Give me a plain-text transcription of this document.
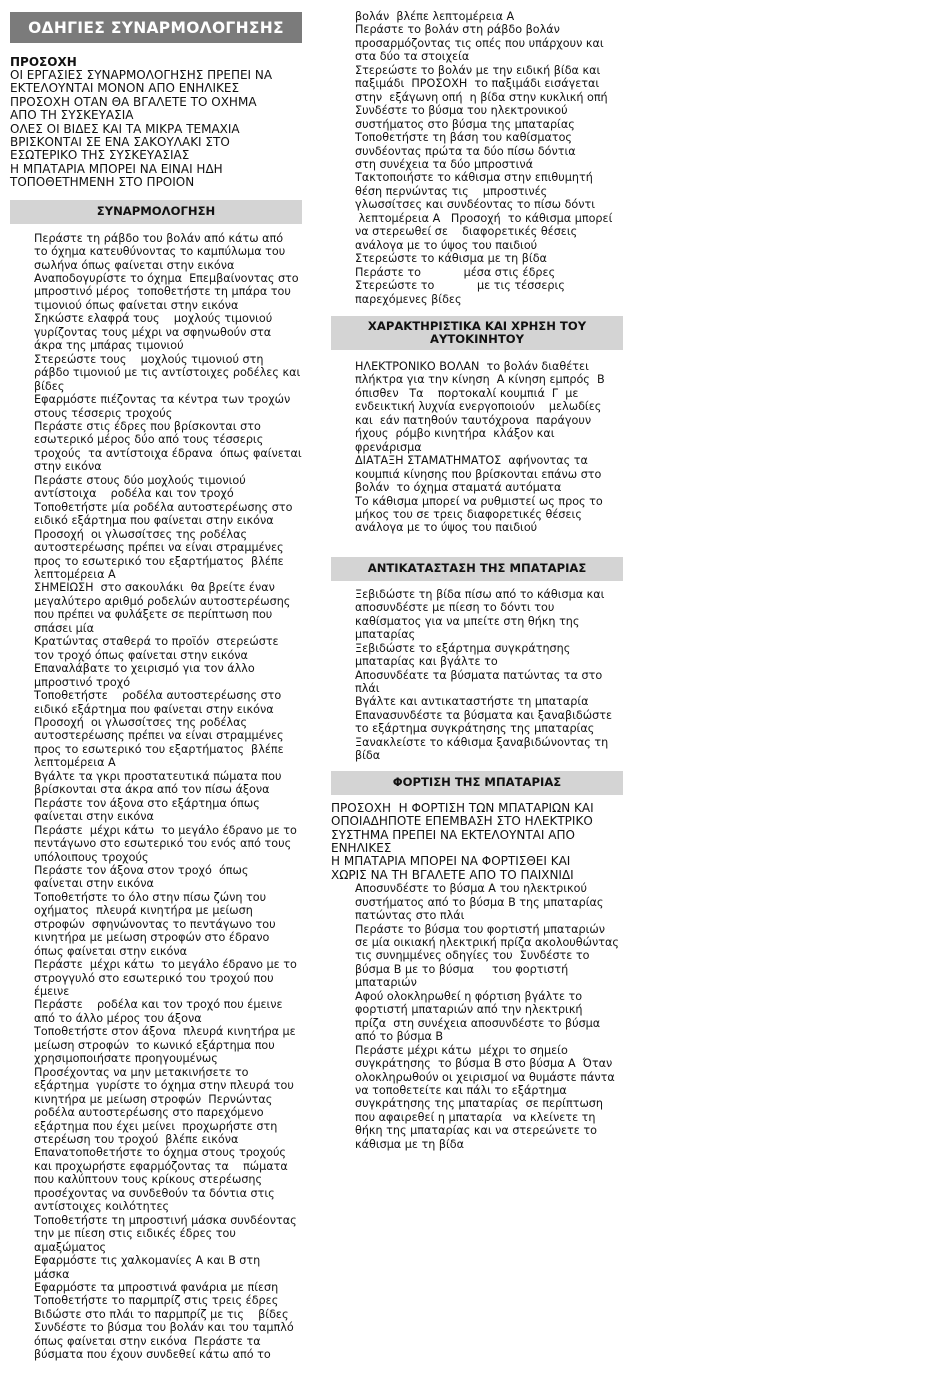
ΟΔΗΓΙΕΣ ΣΥΝΑΡΜΟΛΟΓΗΣΗΣ
ΠΡΟΣΟΧΗ
ΟΙ ΕΡΓΑΣΙΕΣ ΣΥΝΑΡΜΟΛΟΓΗΣΗΣ ΠΡΕΠΕΙ ΝΑ
ΕΚΤΕΛΟΥΝΤΑΙ ΜΟΝΟΝ ΑΠΟ ΕΝΗΛΙΚΕΣ
ΠΡΟΣΟΧΗ ΟΤΑΝ ΘΑ ΒΓΑΛΕΤΕ ΤΟ ΟΧΗΜΑ
ΑΠΟ ΤΗ ΣΥΣΚΕΥΑΣΙΑ
ΟΛΕΣ ΟΙ ΒΙΔΕΣ ΚΑΙ ΤΑ ΜΙΚΡΑ ΤΕΜΑΧΙΑ
ΒΡΙΣΚΟΝΤΑΙ ΣΕ ΕΝΑ ΣΑΚΟΥΛΑΚΙ ΣΤΟ
ΕΣΩΤΕΡΙΚΟ ΤΗΣ ΣΥΣΚΕΥΑΣΙΑΣ
Η ΜΠΑΤΑΡΙΑ ΜΠΟΡΕΙ ΝΑ ΕΙΝΑΙ ΗΔΗ
ΤΟΠΟΘΕΤΗΜΕΝΗ ΣΤΟ ΠΡΟΙΟΝ
ΣΥΝΑΡΜΟΛΟΓΗΣΗ
Περάστε τη ράβδο του βολάν από κάτω από
το όχημα κατευθύνοντας το καμπύλωμα του
σωλήνα όπως φαίνεται στην εικόνα
Αναποδογυρίστε το όχημα  Επεμβαίνοντας στο
μπροστινό μέρος  τοποθετήστε τη μπάρα του
τιμονιού όπως φαίνεται στην εικόνα
Σηκώστε ελαφρά τους    μοχλούς τιμονιού
γυρίζοντας τους μέχρι να σφηνωθούν στα
άκρα της μπάρας τιμονιού
Στερεώστε τους    μοχλούς τιμονιού στη
ράβδο τιμονιού με τις αντίστοιχες ροδέλες και
βίδες
Εφαρμόστε πιέζοντας τα κέντρα των τροχών
στους τέσσερις τροχούς
Περάστε στις έδρες που βρίσκονται στο
εσωτερικό μέρος δύο από τους τέσσερις
τροχούς  τα αντίστοιχα έδρανα  όπως φαίνεται
στην εικόνα
Περάστε στους δύο μοχλούς τιμονιού
αντίστοιχα    ροδέλα και τον τροχό
Τοποθετήστε μία ροδέλα αυτοστερέωσης στο
ειδικό εξάρτημα που φαίνεται στην εικόνα
Προσοχή  οι γλωσσίτσες της ροδέλας
αυτοστερέωσης πρέπει να είναι στραμμένες
προς το εσωτερικό του εξαρτήματος  βλέπε
λεπτομέρεια A
ΣΗΜΕΙΩΣΗ  στο σακουλάκι  θα βρείτε έναν
μεγαλύτερο αριθμό ροδελών αυτοστερέωσης
που πρέπει να φυλάξετε σε περίπτωση που
σπάσει μία
Κρατώντας σταθερά το προϊόν  στερεώστε
τον τροχό όπως φαίνεται στην εικόνα
Επαναλάβατε το χειρισμό για τον άλλο
μπροστινό τροχό
Τοποθετήστε    ροδέλα αυτοστερέωσης στο
ειδικό εξάρτημα που φαίνεται στην εικόνα
Προσοχή  οι γλωσσίτσες της ροδέλας
αυτοστερέωσης πρέπει να είναι στραμμένες
προς το εσωτερικό του εξαρτήματος  βλέπε
λεπτομέρεια A
Βγάλτε τα γκρι προστατευτικά πώματα που
βρίσκονται στα άκρα από τον πίσω άξονα
Περάστε τον άξονα στο εξάρτημα όπως
φαίνεται στην εικόνα
Περάστε  μέχρι κάτω  το μεγάλο έδρανο με το
πεντάγωνο στο εσωτερικό του ενός από τους
υπόλοιπους τροχούς
Περάστε τον άξονα στον τροχό  όπως
φαίνεται στην εικόνα
Τοποθετήστε το όλο στην πίσω ζώνη του
οχήματος  πλευρά κινητήρα με μείωση
στροφών  σφηνώνοντας το πεντάγωνο του
κινητήρα με μείωση στροφών στο έδρανο
όπως φαίνεται στην εικόνα
Περάστε  μέχρι κάτω  το μεγάλο έδρανο με το
στρογγυλό στο εσωτερικό του τροχού που
έμεινε
Περάστε    ροδέλα και τον τροχό που έμεινε
από το άλλο μέρος του άξονα
Τοποθετήστε στον άξονα  πλευρά κινητήρα με
μείωση στροφών  το κωνικό εξάρτημα που
χρησιμοποιήσατε προηγουμένως
Προσέχοντας να μην μετακινήσετε το
εξάρτημα  γυρίστε το όχημα στην πλευρά του
κινητήρα με μείωση στροφών  Περνώντας
ροδέλα αυτοστερέωσης στο παρεχόμενο
εξάρτημα που έχει μείνει  προχωρήστε στη
στερέωση του τροχού  βλέπε εικόνα
Επανατοποθετήστε το όχημα στους τροχούς
και προχωρήστε εφαρμόζοντας τα    πώματα
που καλύπτουν τους κρίκους στερέωσης
προσέχοντας να συνδεθούν τα δόντια στις
αντίστοιχες κοιλότητες
Τοποθετήστε τη μπροστινή μάσκα συνδέοντας
την με πίεση στις ειδικές έδρες του
αμαξώματος
Εφαρμόστε τις χαλκομανίες A και B στη
μάσκα
Εφαρμόστε τα μπροστινά φανάρια με πίεση
Τοποθετήστε το παρμπρίζ στις τρεις έδρες
Βιδώστε στο πλάι το παρμπρίζ με τις    βίδες
Συνδέστε το βύσμα του βολάν και του ταμπλό
όπως φαίνεται στην εικόνα  Περάστε τα
βύσματα που έχουν συνδεθεί κάτω από το
βολάν  βλέπε λεπτομέρεια A
Περάστε το βολάν στη ράβδο βολάν
προσαρμόζοντας τις οπές που υπάρχουν και
στα δύο τα στοιχεία
Στερεώστε το βολάν με την ειδική βίδα και
παξιμάδι  ΠΡΟΣΟΧΗ  το παξιμάδι εισάγεται
στην  εξάγωνη οπή  η βίδα στην κυκλική οπή
Συνδέστε το βύσμα του ηλεκτρονικού
συστήματος στο βύσμα της μπαταρίας
Τοποθετήστε τη βάση του καθίσματος
συνδέοντας πρώτα τα δύο πίσω δόντια
στη συνέχεια τα δύο μπροστινά
Τακτοποιήστε το κάθισμα στην επιθυμητή
θέση περνώντας τις    μπροστινές
γλωσσίτσες και συνδέοντας το πίσω δόντι
λεπτομέρεια A   Προσοχή  το κάθισμα μπορεί
να στερεωθεί σε    διαφορετικές θέσεις
ανάλογα με το ύψος του παιδιού
Στερεώστε το κάθισμα με τη βίδα
Περάστε το            μέσα στις έδρες
Στερεώστε το            με τις τέσσερις
παρεχόμενες βίδες
ΧΑΡΑΚΤΗΡΙΣΤΙΚΑ ΚΑΙ ΧΡΗΣΗ ΤΟΥ
ΑΥΤΟΚΙΝΗΤΟΥ
ΗΛΕΚΤΡΟΝΙΚΟ ΒΟΛΑΝ  το βολάν διαθέτει
πλήκτρα για την κίνηση  A κίνηση εμπρός  B
όπισθεν   Τα    πορτοκαλί κουμπιά  Γ  με
ενδεικτική λυχνία ενεργοποιούν    μελωδίες
και  εάν πατηθούν ταυτόχρονα  παράγουν
ήχους  ρόμβο κινητήρα  κλάξον και
φρενάρισμα
ΔΙΑΤΑΞΗ ΣΤΑΜΑΤΗΜΑΤΟΣ  αφήνοντας τα
κουμπιά κίνησης που βρίσκονται επάνω στο
βολάν  το όχημα σταματά αυτόματα
Το κάθισμα μπορεί να ρυθμιστεί ως προς το
μήκος του σε τρεις διαφορετικές θέσεις
ανάλογα με το ύψος του παιδιού
ΑΝΤΙΚΑΤΑΣΤΑΣΗ ΤΗΣ ΜΠΑΤΑΡΙΑΣ
Ξεβιδώστε τη βίδα πίσω από το κάθισμα και
αποσυνδέστε με πίεση το δόντι του
καθίσματος για να μπείτε στη θήκη της
μπαταρίας
Ξεβιδώστε το εξάρτημα συγκράτησης
μπαταρίας και βγάλτε το
Αποσυνδέατε τα βύσματα πατώντας τα στο
πλάι
Βγάλτε και αντικαταστήστε τη μπαταρία
Επανασυνδέστε τα βύσματα και ξαναβιδώστε
το εξάρτημα συγκράτησης της μπαταρίας
Ξανακλείστε το κάθισμα ξαναβιδώνοντας τη
βίδα
ΦΟΡΤΙΣΗ ΤΗΣ ΜΠΑΤΑΡΙΑΣ
ΠΡΟΣΟΧΗ  Η ΦΟΡΤΙΣΗ ΤΩΝ ΜΠΑΤΑΡΙΩΝ ΚΑΙ
ΟΠΟΙΑΔΗΠΟΤΕ ΕΠΕΜΒΑΣΗ ΣΤΟ ΗΛΕΚΤΡΙΚΟ
ΣΥΣΤΗΜΑ ΠΡΕΠΕΙ ΝΑ ΕΚΤΕΛΟΥΝΤΑΙ ΑΠΟ
ΕΝΗΛΙΚΕΣ
Η ΜΠΑΤΑΡΙΑ ΜΠΟΡΕΙ ΝΑ ΦΟΡΤΙΣΘΕΙ ΚΑΙ
ΧΩΡΙΣ ΝΑ ΤΗ ΒΓΑΛΕΤΕ ΑΠΟ ΤΟ ΠΑΙΧΝΙΔΙ
Αποσυνδέστε το βύσμα A του ηλεκτρικού
συστήματος από το βύσμα B της μπαταρίας
πατώντας στο πλάι
Περάστε το βύσμα του φορτιστή μπαταριών
σε μία οικιακή ηλεκτρική πρίζα ακολουθώντας
τις συνημμένες οδηγίες του  Συνδέστε το
βύσμα B με το βύσμα     του φορτιστή
μπαταριών
Αφού ολοκληρωθεί η φόρτιση βγάλτε το
φορτιστή μπαταριών από την ηλεκτρική
πρίζα  στη συνέχεια αποσυνδέστε το βύσμα
από το βύσμα B
Περάστε μέχρι κάτω  μέχρι το σημείο
συγκράτησης  το βύσμα B στο βύσμα A  Όταν
ολοκληρωθούν οι χειρισμοί να θυμάστε πάντα
να τοποθετείτε και πάλι το εξάρτημα
συγκράτησης της μπαταρίας  σε περίπτωση
που αφαιρεθεί η μπαταρία   να κλείνετε τη
θήκη της μπαταρίας και να στερεώνετε το
κάθισμα με τη βίδα
